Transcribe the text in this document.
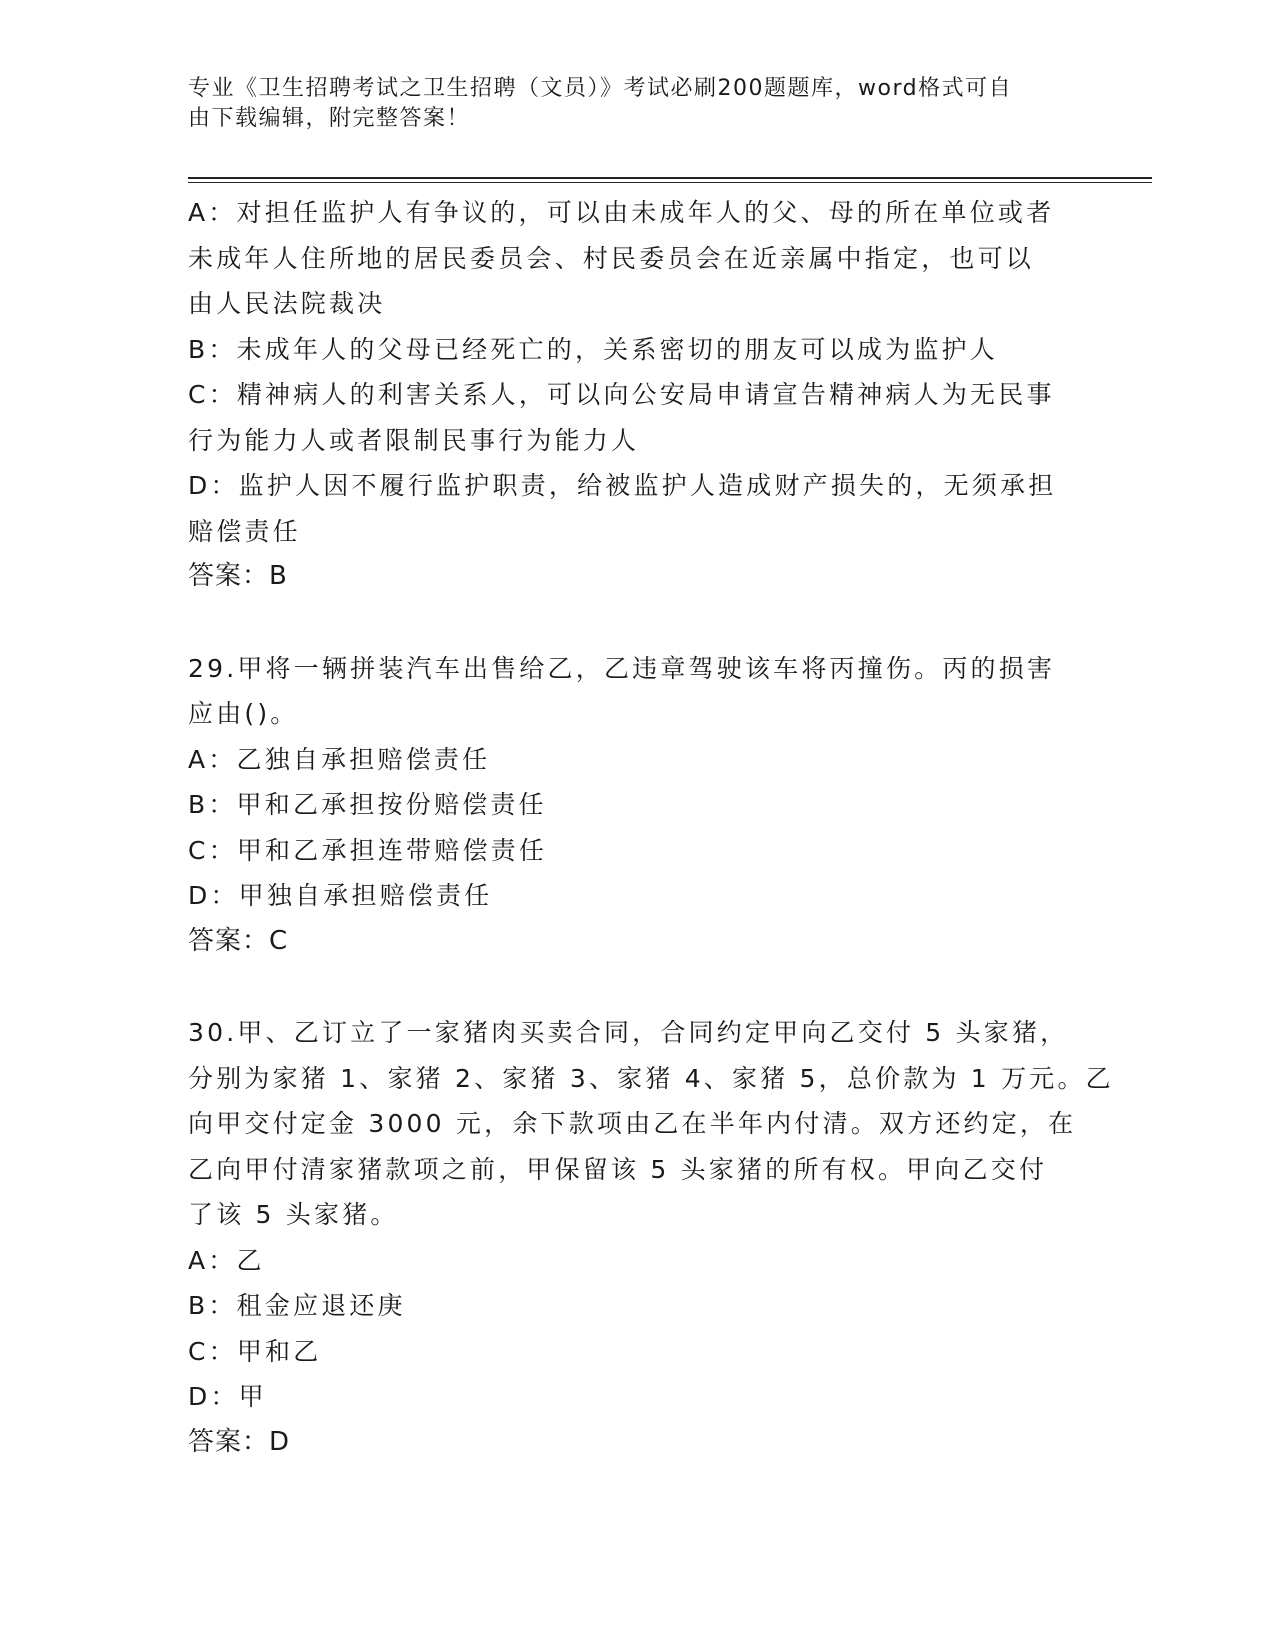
专业《卫生招聘考试之卫生招聘（文员）》考试必刷200题题库，word格式可自
由下载编辑，附完整答案！
A：对担任监护人有争议的，可以由未成年人的父、母的所在单位或者
未成年人住所地的居民委员会、村民委员会在近亲属中指定，也可以
由人民法院裁决
B：未成年人的父母已经死亡的，关系密切的朋友可以成为监护人
C：精神病人的利害关系人，可以向公安局申请宣告精神病人为无民事
行为能力人或者限制民事行为能力人
D：监护人因不履行监护职责，给被监护人造成财产损失的，无须承担
赔偿责任
答案：B
29.甲将一辆拼装汽车出售给乙，乙违章驾驶该车将丙撞伤。丙的损害
应由()。
A：乙独自承担赔偿责任
B：甲和乙承担按份赔偿责任
C：甲和乙承担连带赔偿责任
D：甲独自承担赔偿责任
答案：C
30.甲、乙订立了一家猪肉买卖合同，合同约定甲向乙交付 5 头家猪，
分别为家猪 1、家猪 2、家猪 3、家猪 4、家猪 5，总价款为 1 万元。乙
向甲交付定金 3000 元，余下款项由乙在半年内付清。双方还约定，在
乙向甲付清家猪款项之前，甲保留该 5 头家猪的所有权。甲向乙交付
了该 5 头家猪。
A：乙
B：租金应退还庚
C：甲和乙
D：甲
答案：D
